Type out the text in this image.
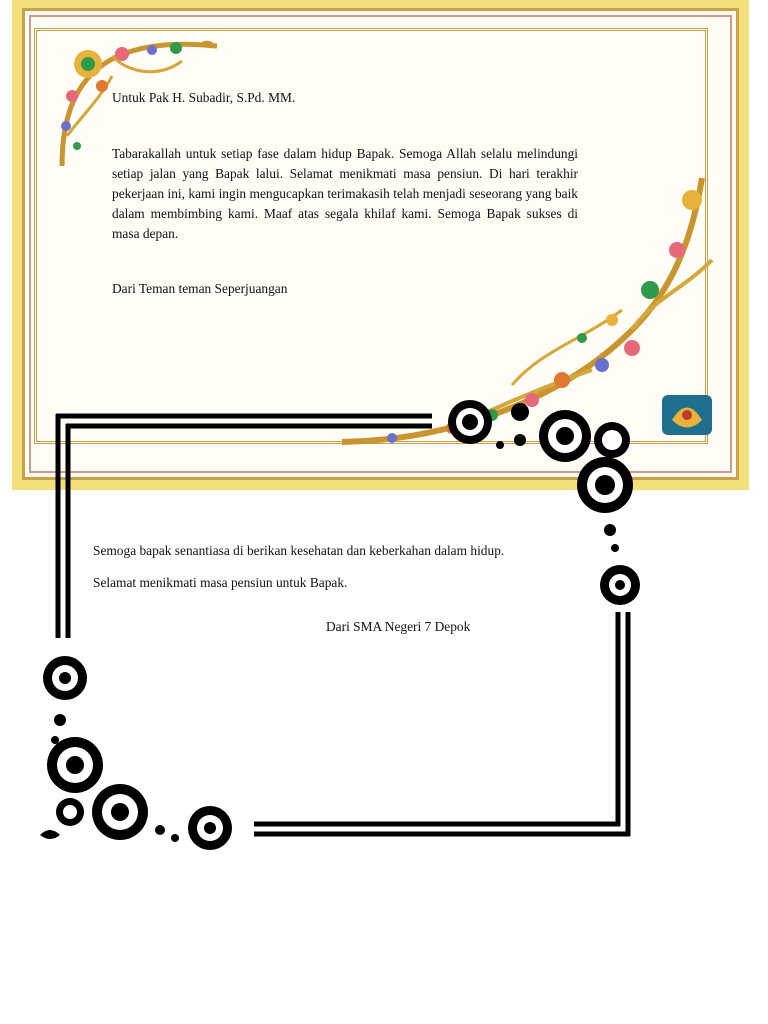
Untuk Pak H. Subadir, S.Pd. MM.
Tabarakallah untuk setiap fase dalam hidup Bapak. Semoga Allah selalu melindungi setiap jalan yang Bapak lalui. Selamat menikmati masa pensiun. Di hari terakhir pekerjaan ini, kami ingin mengucapkan terimakasih telah menjadi seseorang yang baik dalam membimbing kami. Maaf atas segala khilaf kami. Semoga Bapak sukses di masa depan.
Dari Teman teman Seperjuangan
Semoga bapak senantiasa di berikan kesehatan dan keberkahan dalam hidup.
Selamat menikmati masa pensiun untuk Bapak.
Dari SMA Negeri 7 Depok
